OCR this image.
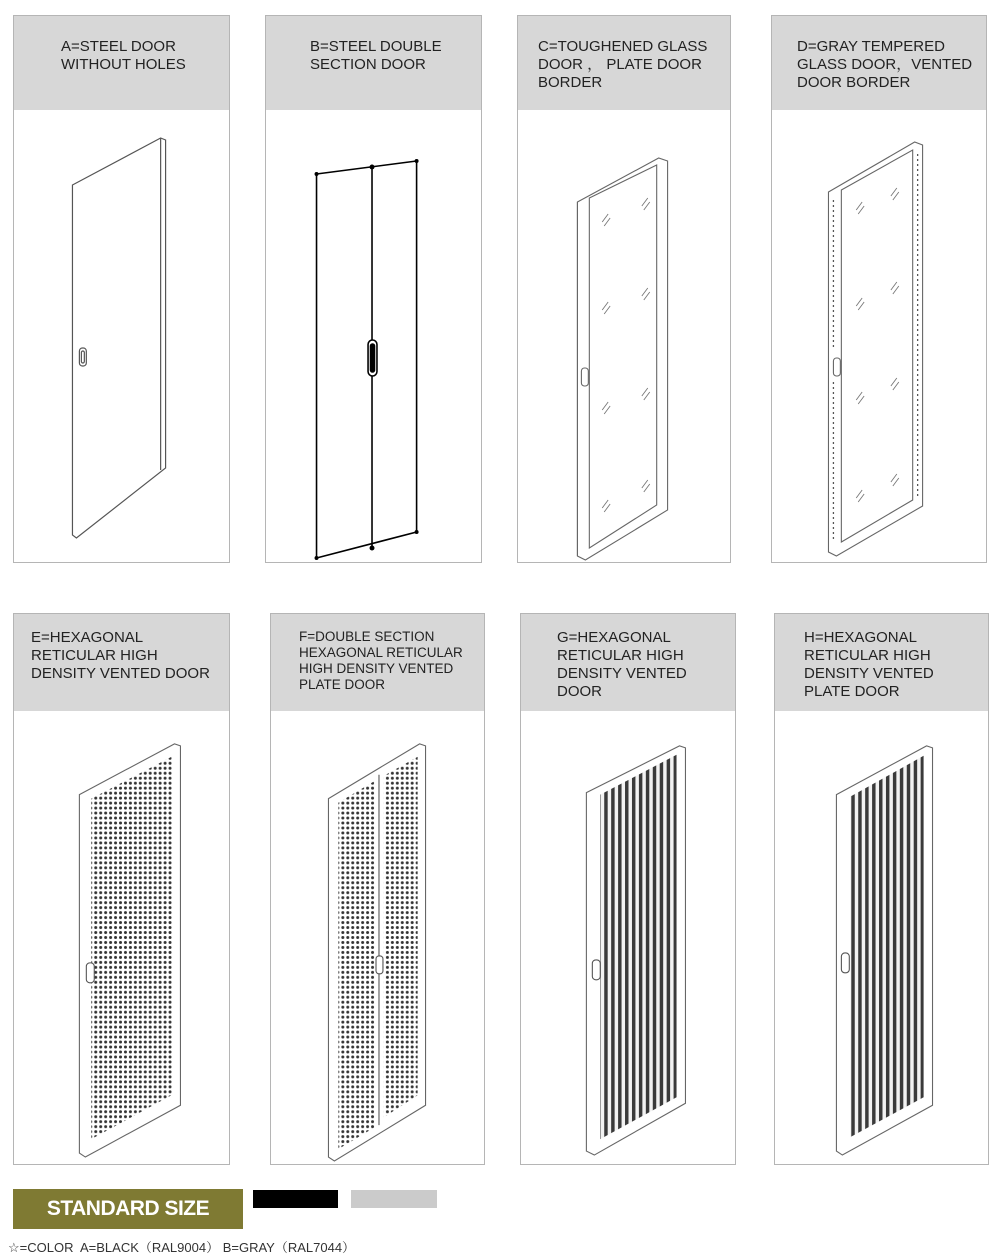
A=STEEL DOOR
WITHOUT HOLES
B=STEEL DOUBLE
SECTION DOOR
C=TOUGHENED GLASS
DOOR ， PLATE DOOR
BORDER
D=GRAY TEMPERED
GLASS DOOR，VENTED
DOOR BORDER
E=HEXAGONAL
RETICULAR HIGH
DENSITY VENTED DOOR
F=DOUBLE SECTION
HEXAGONAL RETICULAR
HIGH DENSITY VENTED
PLATE DOOR
G=HEXAGONAL
RETICULAR HIGH
DENSITY VENTED
DOOR
H=HEXAGONAL
RETICULAR HIGH
DENSITY VENTED
PLATE DOOR
STANDARD SIZE
☆=COLOR  A=BLACK（RAL9004） B=GRAY（RAL7044）
